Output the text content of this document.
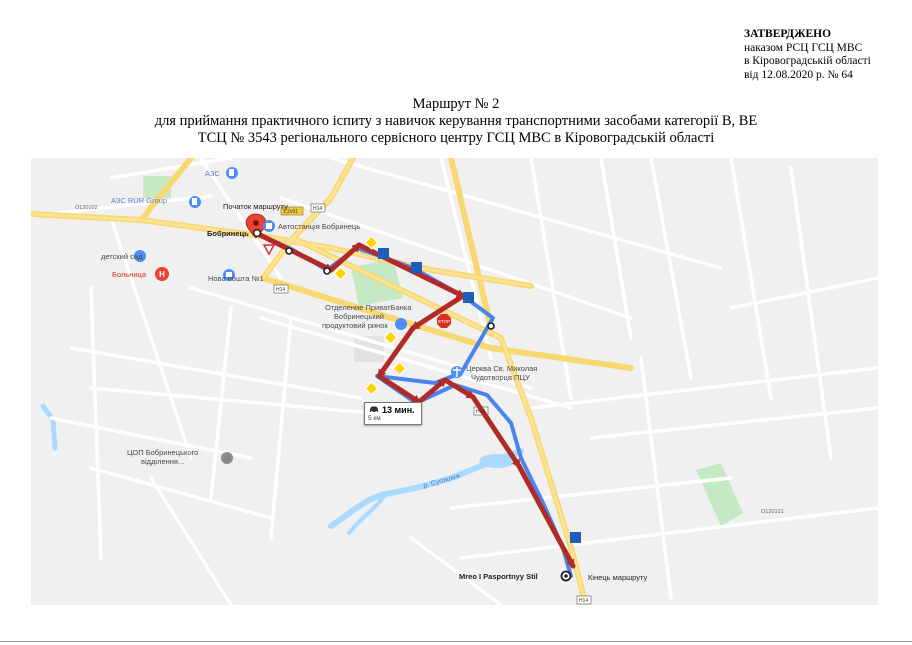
ЗАТВЕРДЖЕНО
наказом РСЦ ГСЦ МВС
в Кіровоградській області
від 12.08.2020 р. № 64
Маршрут № 2
для приймання практичного іспиту з навичок керування транспортними засобами категорії В, ВЕ
ТСЦ № 3543 регіонального сервісного центру ГСЦ МВС в Кіровоградській області
STOP
H
АЗС
АЗС RUR Group
Початок маршруту
Бобринець
Автостанція Бобринець
детский сад
Больница	Нова пошта №1
Отделение ПриватБанка
Бобринецький
продуктовий ринок
Церква Св. Миколая
Чудотворця ПЦУ
ЦОП Бобринецького
відділення...
р. Сугоклея
Mreo I Pasportnyy Stil	Кінець маршруту
1,2v01	Н14
Н14
Н14
Н14
О120102
О120101
13 мин.
5 км
